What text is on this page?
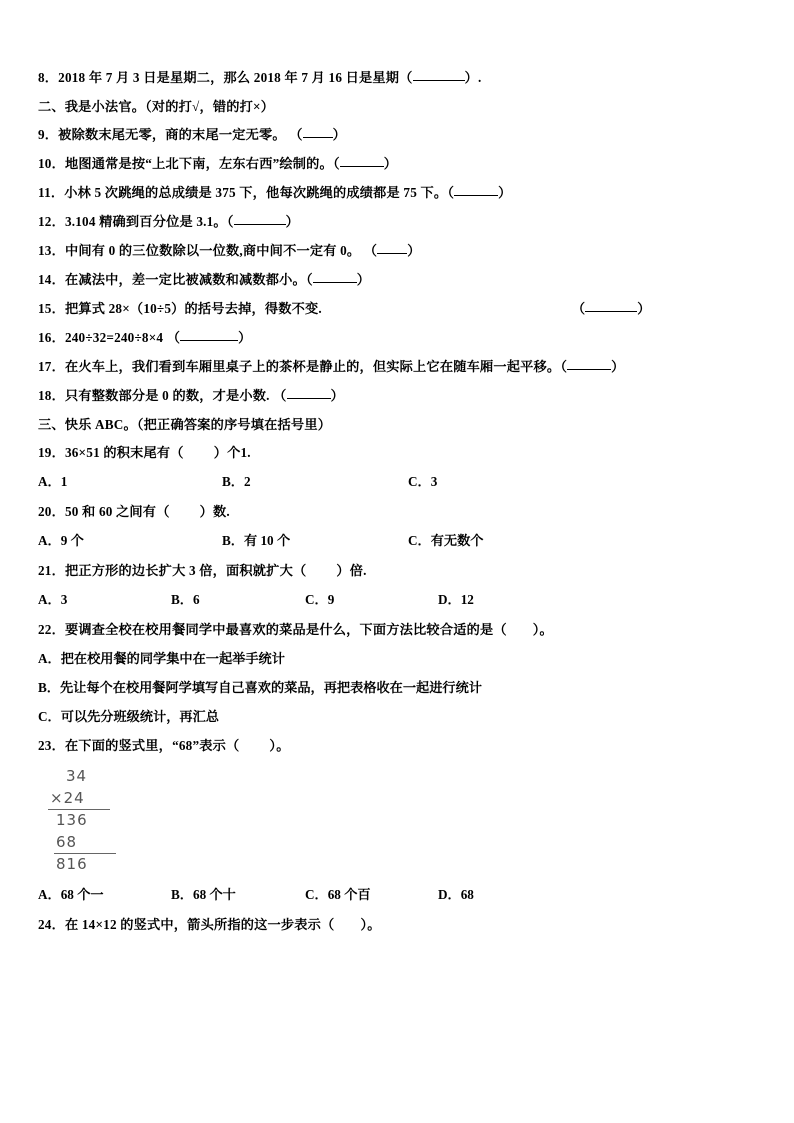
8．2018 年 7 月 3 日是星期二，那么 2018 年 7 月 16 日是星期（	）.
二、我是小法官。（对的打√，错的打×）
9．被除数末尾无零，商的末尾一定无零。 （ ）
10．地图通常是按“上北下南，左东右西”绘制的。（	）
11．小林 5 次跳绳的总成绩是 375 下，他每次跳绳的成绩都是 75 下。（	）
12．3.104 精确到百分位是 3.1。（	）
13．中间有 0 的三位数除以一位数,商中间不一定有 0。 （ ）
14．在减法中，差一定比被减数和减数都小。（	）
15．把算式 28×（10÷5）的括号去掉，得数不变.	（	）
16．240÷32=240÷8×4 （	）
17．在火车上，我们看到车厢里桌子上的茶杯是静止的，但实际上它在随车厢一起平移。（	）
18．只有整数部分是 0 的数，才是小数. （	）
三、快乐 ABC。（把正确答案的序号填在括号里）
19．36×51 的积末尾有（ ）个1.
A．1	B．2	C．3
20．50 和 60 之间有（ ）数.
A．9 个	B．有 10 个	C．有无数个
21．把正方形的边长扩大 3 倍，面积就扩大（ ）倍.
A．3	B．6	C．9	D．12
22．要调查全校在校用餐同学中最喜欢的菜品是什么，下面方法比较合适的是（ ）。
A．把在校用餐的同学集中在一起举手统计
B．先让每个在校用餐阿学填写自己喜欢的菜品，再把表格收在一起进行统计
C．可以先分班级统计，再汇总
23．在下面的竖式里，“68”表示（ ）。
34
×24
136
68
816
A．68 个一	B．68 个十	C．68 个百	D．68
24．在 14×12 的竖式中，箭头所指的这一步表示（ ）。
